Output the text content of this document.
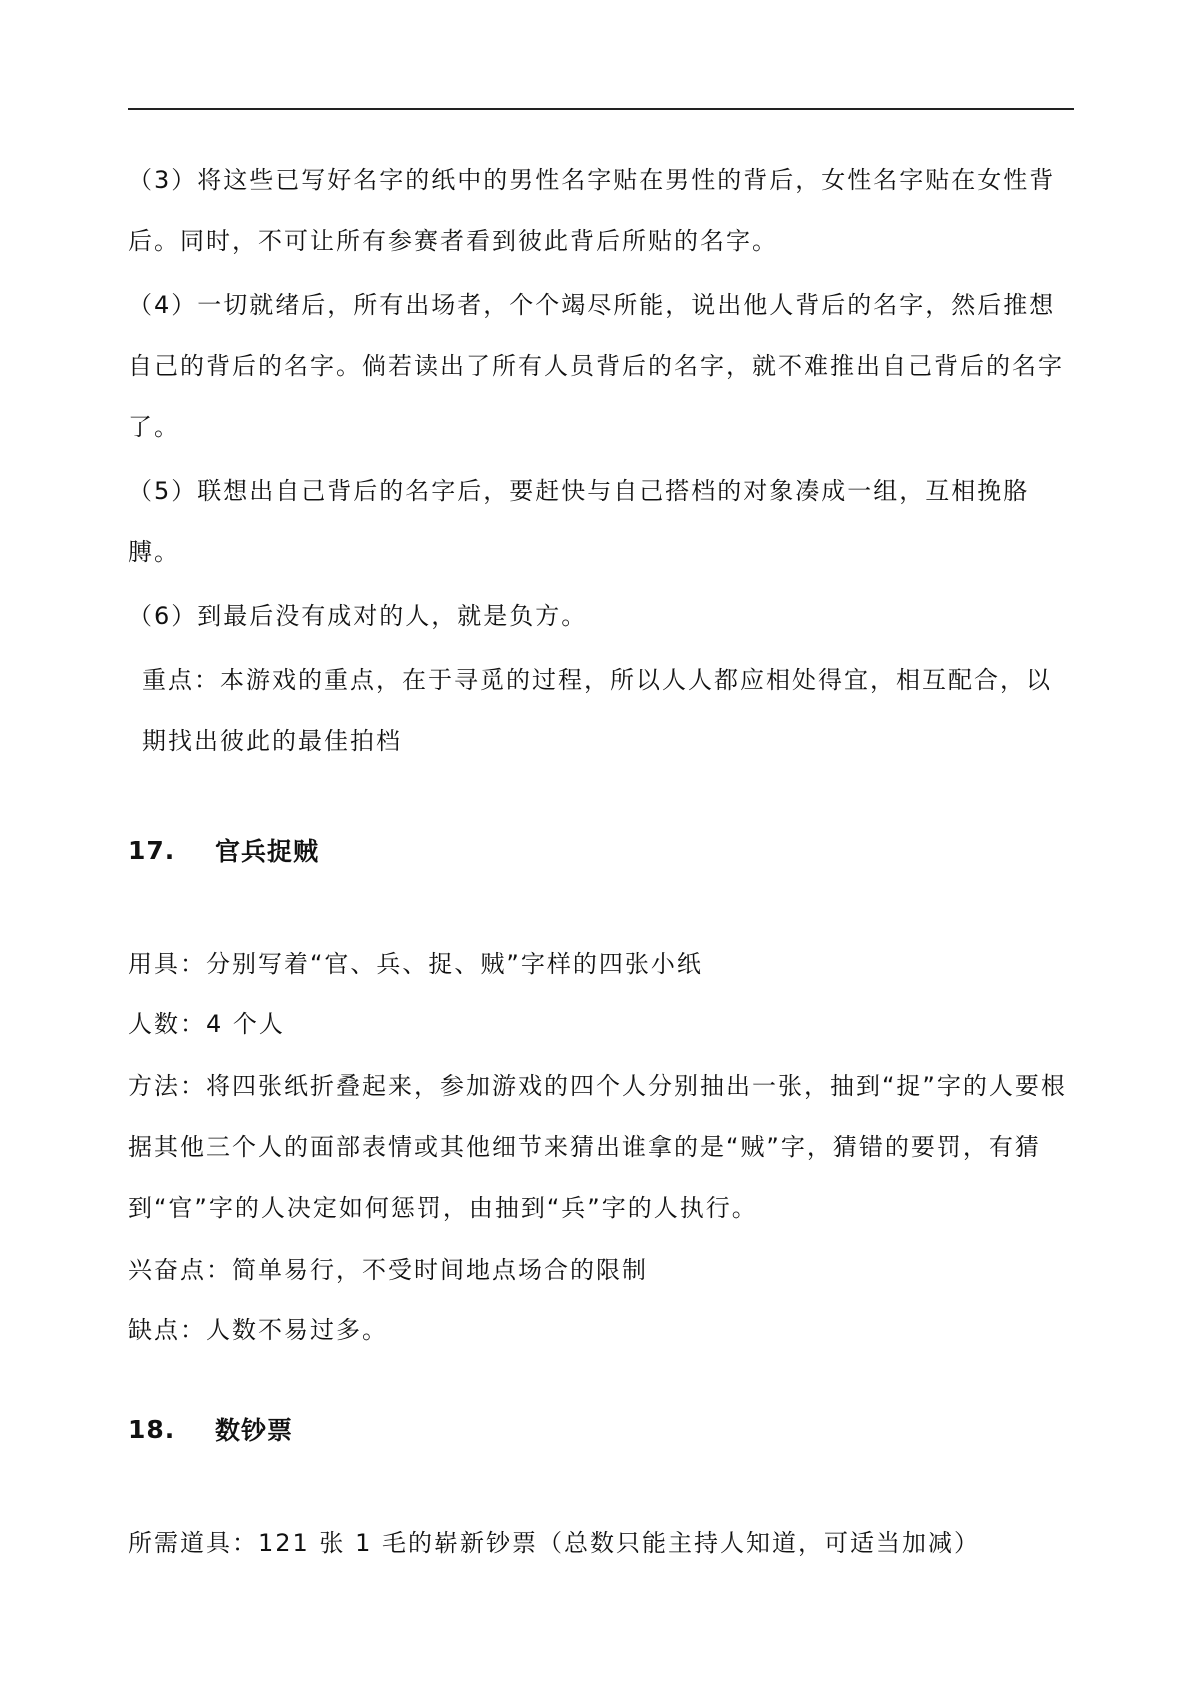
（3）将这些已写好名字的纸中的男性名字贴在男性的背后，女性名字贴在女性背后。同时，不可让所有参赛者看到彼此背后所贴的名字。

（4）一切就绪后，所有出场者，个个竭尽所能，说出他人背后的名字，然后推想自己的背后的名字。倘若读出了所有人员背后的名字，就不难推出自己背后的名字了。

（5）联想出自己背后的名字后，要赶快与自己搭档的对象凑成一组，互相挽胳膊。

（6）到最后没有成对的人，就是负方。

重点：本游戏的重点，在于寻觅的过程，所以人人都应相处得宜，相互配合，以期找出彼此的最佳拍档

17.	官兵捉贼

用具：分别写着“官、兵、捉、贼”字样的四张小纸

人数：4 个人

方法：将四张纸折叠起来，参加游戏的四个人分别抽出一张，抽到“捉”字的人要根据其他三个人的面部表情或其他细节来猜出谁拿的是“贼”字，猜错的要罚，有猜到“官”字的人决定如何惩罚，由抽到“兵”字的人执行。

兴奋点：简单易行，不受时间地点场合的限制

缺点：人数不易过多。

18.	数钞票

所需道具：121 张 1 毛的崭新钞票（总数只能主持人知道，可适当加减）
